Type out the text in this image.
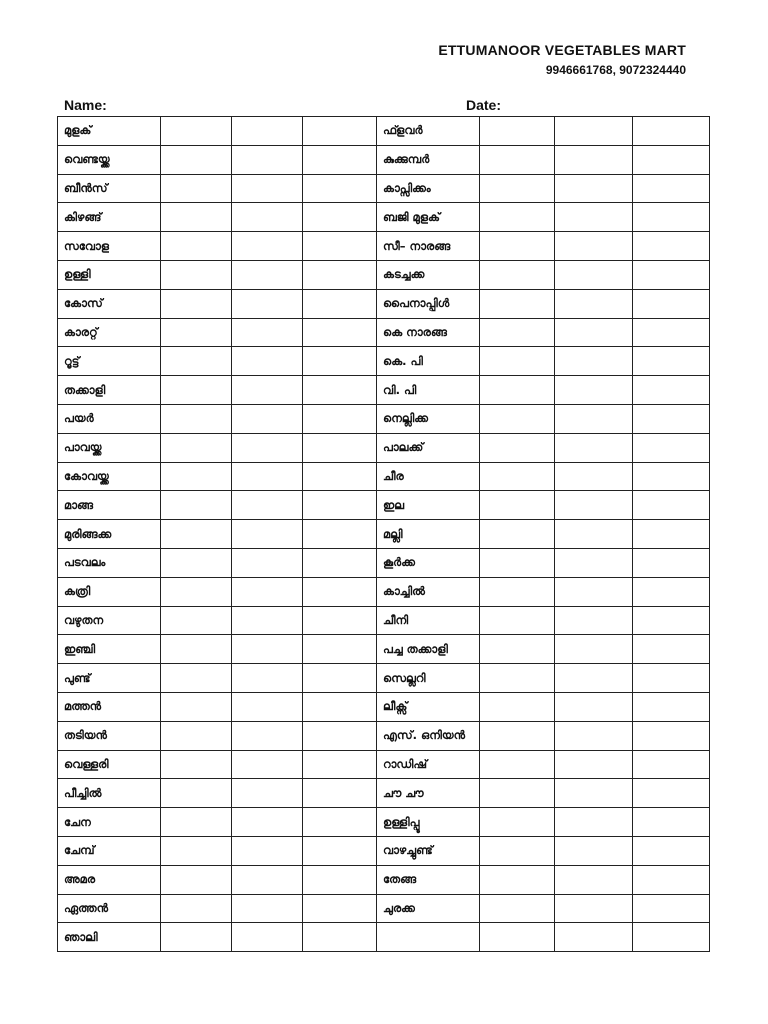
ETTUMANOOR VEGETABLES MART
9946661768, 9072324440
Name:	Date:
മുളക്				ഫ്ളവർ			
വെണ്ടയ്ക്ക				കുക്കുമ്പർ			
ബീൻസ്				കാപ്സിക്കം			
കിഴങ്ങ്				ബജി മുളക്			
സവോള				സീ– നാരങ്ങ			
ഉള്ളി				കടച്ചക്ക			
കോസ്				പൈനാപ്പിൾ			
കാരറ്റ്				കെ നാരങ്ങ			
റൂട്ട്				കെ. പി			
തക്കാളി				വി. പി			
പയർ				നെല്ലിക്ക			
പാവയ്ക്ക				പാലക്ക്			
കോവയ്ക്ക				ചീര			
മാങ്ങ				ഇല			
മുരിങ്ങക്ക				മല്ലി			
പടവലം				കൂർക്ക			
കത്രി				കാച്ചിൽ			
വഴുതന				ചീനി			
ഇഞ്ചി				പച്ച തക്കാളി			
പുണ്ട്				സെല്ലറി			
മത്തൻ				ലീക്സ്			
തടിയൻ				എസ്. ഒനിയൻ			
വെള്ളരി				റാഡിഷ്			
പീച്ചിൽ				ചൗ ചൗ			
ചേന				ഉള്ളിപ്പൂ			
ചേമ്പ്				വാഴച്ചുണ്ട്			
അമര				തേങ്ങ			
ഏത്തൻ				ചുരക്ക			
ഞാലി							
